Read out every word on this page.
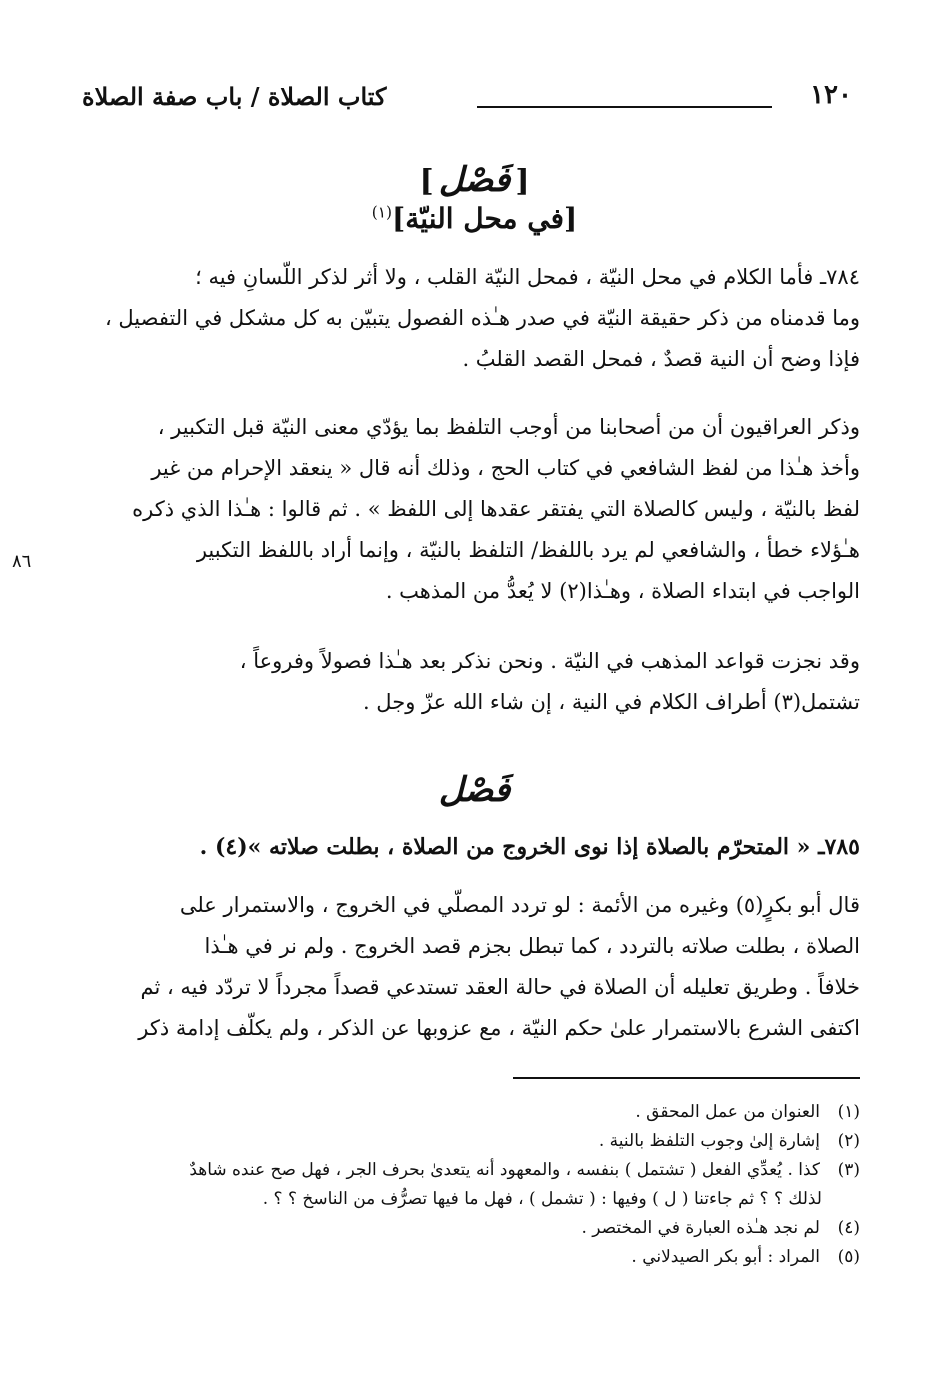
١٢٠
كتاب الصلاة / باب صفة الصلاة
[ فَصْل ]
[في محل النيّة]$^{(١)}$
٧٨٤ـ فأما الكلام في محل النيّة ، فمحل النيّة القلب ، ولا أثر لذكر اللّسانِ فيه ؛
وما قدمناه من ذكر حقيقة النيّة في صدر هـٰذه الفصول يتبيّن به كل مشكل في التفصيل ،
فإذا وضح أن النية قصدٌ ، فمحل القصد القلبُ .
وذكر العراقيون أن من أصحابنا من أوجب التلفظ بما يؤدّي معنى النيّة قبل التكبير ،
وأخذ هـٰذا من لفظ الشافعي في كتاب الحج ، وذلك أنه قال « ينعقد الإحرام من غير
لفظ بالنيّة ، وليس كالصلاة التي يفتقر عقدها إلى اللفظ » . ثم قالوا : هـٰذا الذي ذكره
هـٰؤلاء خطأ ، والشافعي لم يرد باللفظ/ التلفظ بالنيّة ، وإنما أراد باللفظ التكبير
الواجب في ابتداء الصلاة ، وهـٰذا(٢) لا يُعدُّ من المذهب .
٨٦
وقد نجزت قواعد المذهب في النيّة . ونحن نذكر بعد هـٰذا فصولاً وفروعاً ،
تشتمل(٣) أطراف الكلام في النية ، إن شاء الله عزّ وجل .
فَصْل
٧٨٥ـ « المتحرّم بالصلاة إذا نوى الخروج من الصلاة ، بطلت صلاته »(٤) .
قال أبو بكرٍ(٥) وغيره من الأئمة : لو تردد المصلّي في الخروج ، والاستمرار على
الصلاة ، بطلت صلاته بالتردد ، كما تبطل بجزم قصد الخروج . ولم نر في هـٰذا
خلافاً . وطريق تعليله أن الصلاة في حالة العقد تستدعي قصداً مجرداً لا تردّد فيه ، ثم
اكتفى الشرع بالاستمرار علىٰ حكم النيّة ، مع عزوبها عن الذكر ، ولم يكلّف إدامة ذكر
(١)العنوان من عمل المحقق .
(٢)إشارة إلىٰ وجوب التلفظ بالنية .
(٣)كذا . يُعدِّي الفعل ( تشتمل ) بنفسه ، والمعهود أنه يتعدىٰ بحرف الجر ، فهل صح عنده شاهدٌ
لذلك ؟ ؟ ثم جاءتنا ( ل ) وفيها : ( تشمل ) ، فهل ما فيها تصرُّف من الناسخ ؟ ؟ .
(٤)لم نجد هـٰذه العبارة في المختصر .
(٥)المراد : أبو بكر الصيدلاني .
